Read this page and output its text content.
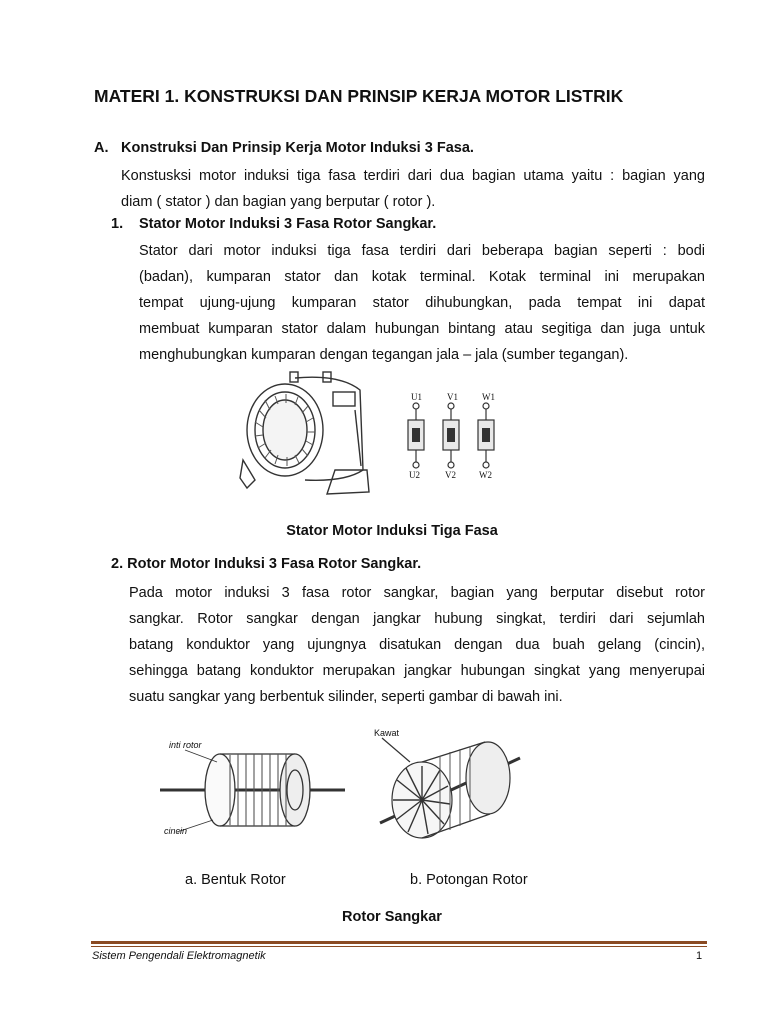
MATERI 1. KONSTRUKSI DAN PRINSIP KERJA MOTOR LISTRIK
A. Konstruksi Dan Prinsip Kerja Motor Induksi 3 Fasa.
Konstusksi motor induksi tiga fasa terdiri dari dua bagian utama yaitu : bagian yang
diam ( stator ) dan bagian yang berputar ( rotor ).
1. Stator Motor Induksi 3 Fasa Rotor Sangkar.
Stator dari motor induksi tiga fasa terdiri dari beberapa bagian seperti : bodi
(badan), kumparan stator dan kotak terminal. Kotak terminal ini merupakan
tempat ujung-ujung kumparan stator dihubungkan, pada tempat ini dapat
membuat kumparan stator dalam hubungan bintang atau segitiga dan juga untuk
menghubungkan kumparan dengan tegangan jala – jala (sumber tegangan).
U1	V1	W1
U2	V2	W2
Stator Motor Induksi Tiga Fasa
2. Rotor Motor Induksi 3 Fasa Rotor Sangkar.
Pada motor induksi 3 fasa rotor sangkar, bagian yang berputar disebut rotor
sangkar. Rotor sangkar dengan jangkar hubung singkat, terdiri dari sejumlah
batang konduktor yang ujungnya disatukan dengan dua buah gelang (cincin),
sehingga batang konduktor merupakan jangkar hubungan singkat yang menyerupai
suatu sangkar yang berbentuk silinder, seperti gambar di bawah ini.
inti rotor
cincin
Kawat
a. Bentuk Rotor	b. Potongan Rotor
Rotor Sangkar
Sistem Pengendali Elektromagnetik	1
